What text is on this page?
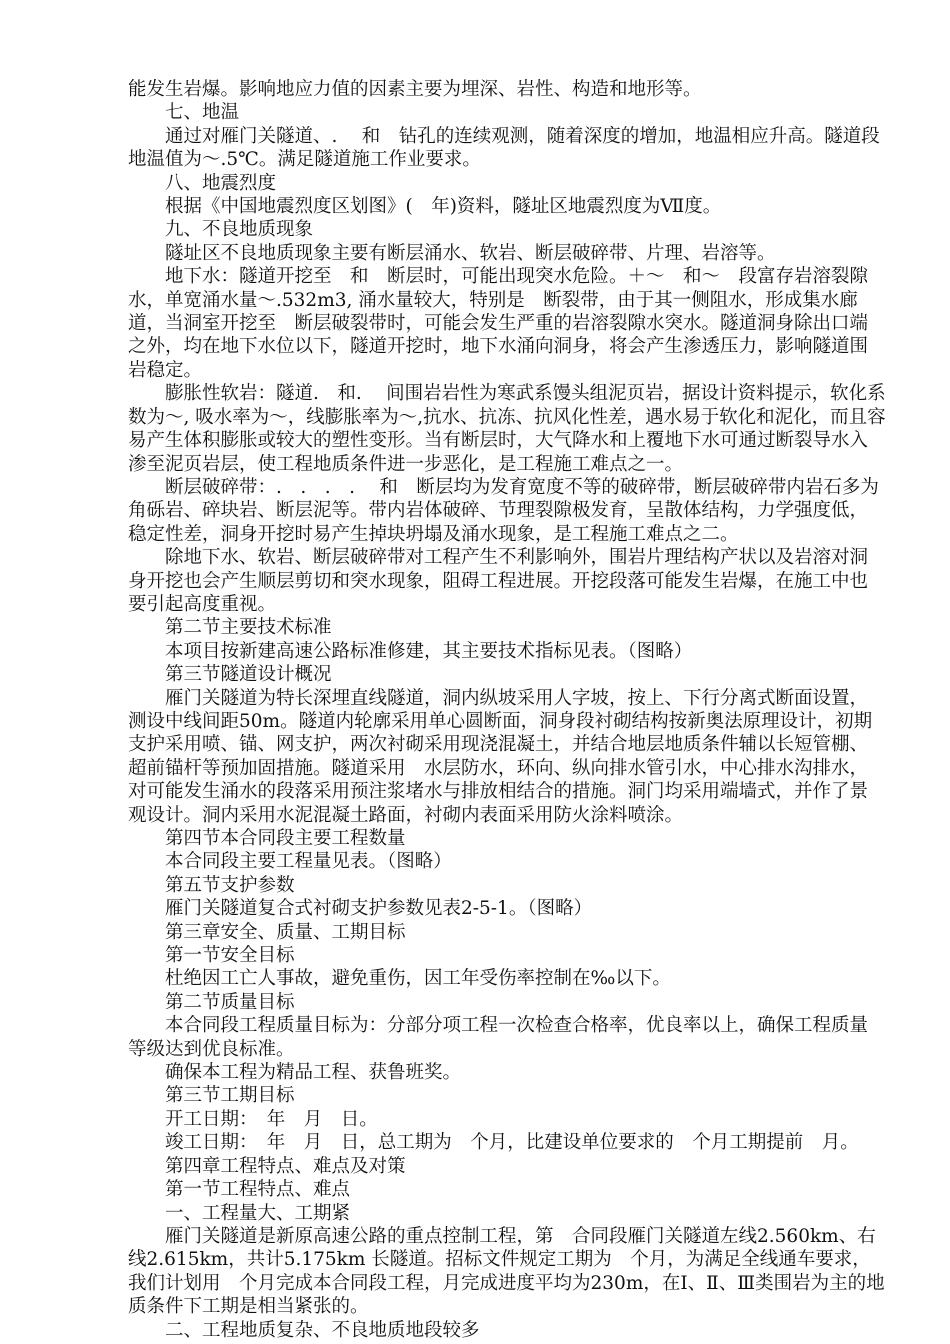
能发生岩爆。影响地应力值的因素主要为埋深、岩性、构造和地形等。

七、地温

通过对雁门关隧道、.　 和　钻孔的连续观测，随着深度的增加，地温相应升高。隧道段地温值为～.5℃。满足隧道施工作业要求。

八、地震烈度

根据《中国地震烈度区划图》(　年)资料，隧址区地震烈度为Ⅶ度。

九、不良地质现象

隧址区不良地质现象主要有断层涌水、软岩、断层破碎带、片理、岩溶等。

地下水：隧道开挖至　和　断层时，可能出现突水危险。＋～　和～　段富存岩溶裂隙水，单宽涌水量～.532m3, 涌水量较大，特别是　断裂带，由于其一侧阻水，形成集水廊道，当洞室开挖至　断层破裂带时，可能会发生严重的岩溶裂隙水突水。隧道洞身除出口端之外，均在地下水位以下，隧道开挖时，地下水涌向洞身，将会产生渗透压力，影响隧道围岩稳定。

膨胀性软岩：隧道.　和.　 间围岩岩性为寒武系馒头组泥页岩，据设计资料提示，软化系数为～, 吸水率为～，线膨胀率为～,抗水、抗冻、抗风化性差，遇水易于软化和泥化，而且容易产生体积膨胀或较大的塑性变形。当有断层时，大气降水和上覆地下水可通过断裂导水入渗至泥页岩层，使工程地质条件进一步恶化，是工程施工难点之一。

断层破碎带：.　.　.　.　 和　断层均为发育宽度不等的破碎带，断层破碎带内岩石多为角砾岩、碎块岩、断层泥等。带内岩体破碎、节理裂隙极发育，呈散体结构，力学强度低，稳定性差，洞身开挖时易产生掉块坍塌及涌水现象，是工程施工难点之二。

除地下水、软岩、断层破碎带对工程产生不利影响外，围岩片理结构产状以及岩溶对洞身开挖也会产生顺层剪切和突水现象，阻碍工程进展。开挖段落可能发生岩爆，在施工中也要引起高度重视。

第二节主要技术标准

本项目按新建高速公路标准修建，其主要技术指标见表。（图略）

第三节隧道设计概况

雁门关隧道为特长深埋直线隧道，洞内纵坡采用人字坡，按上、下行分离式断面设置，测设中线间距50m。隧道内轮廓采用单心圆断面，洞身段衬砌结构按新奥法原理设计，初期支护采用喷、锚、网支护，两次衬砌采用现浇混凝土，并结合地层地质条件辅以长短管棚、超前锚杆等预加固措施。隧道采用　水层防水，环向、纵向排水管引水，中心排水沟排水，对可能发生涌水的段落采用预注浆堵水与排放相结合的措施。洞门均采用端墙式，并作了景观设计。洞内采用水泥混凝土路面，衬砌内表面采用防火涂料喷涂。

第四节本合同段主要工程数量

本合同段主要工程量见表。（图略）

第五节支护参数

雁门关隧道复合式衬砌支护参数见表2-5-1。（图略）

第三章安全、质量、工期目标

第一节安全目标

杜绝因工亡人事故，避免重伤，因工年受伤率控制在‰以下。

第二节质量目标

本合同段工程质量目标为：分部分项工程一次检查合格率，优良率以上，确保工程质量等级达到优良标准。

确保本工程为精品工程、获鲁班奖。

第三节工期目标

开工日期：　年　月　日。

竣工日期：　年　月　日，总工期为　个月，比建设单位要求的　个月工期提前　月。

第四章工程特点、难点及对策

第一节工程特点、难点

一、工程量大、工期紧

雁门关隧道是新原高速公路的重点控制工程，第　合同段雁门关隧道左线2.560km、右线2.615km，共计5.175km 长隧道。招标文件规定工期为　个月，为满足全线通车要求，我们计划用　个月完成本合同段工程，月完成进度平均为230m，在Ⅰ、Ⅱ、Ⅲ类围岩为主的地质条件下工期是相当紧张的。

二、工程地质复杂、不良地质地段较多
